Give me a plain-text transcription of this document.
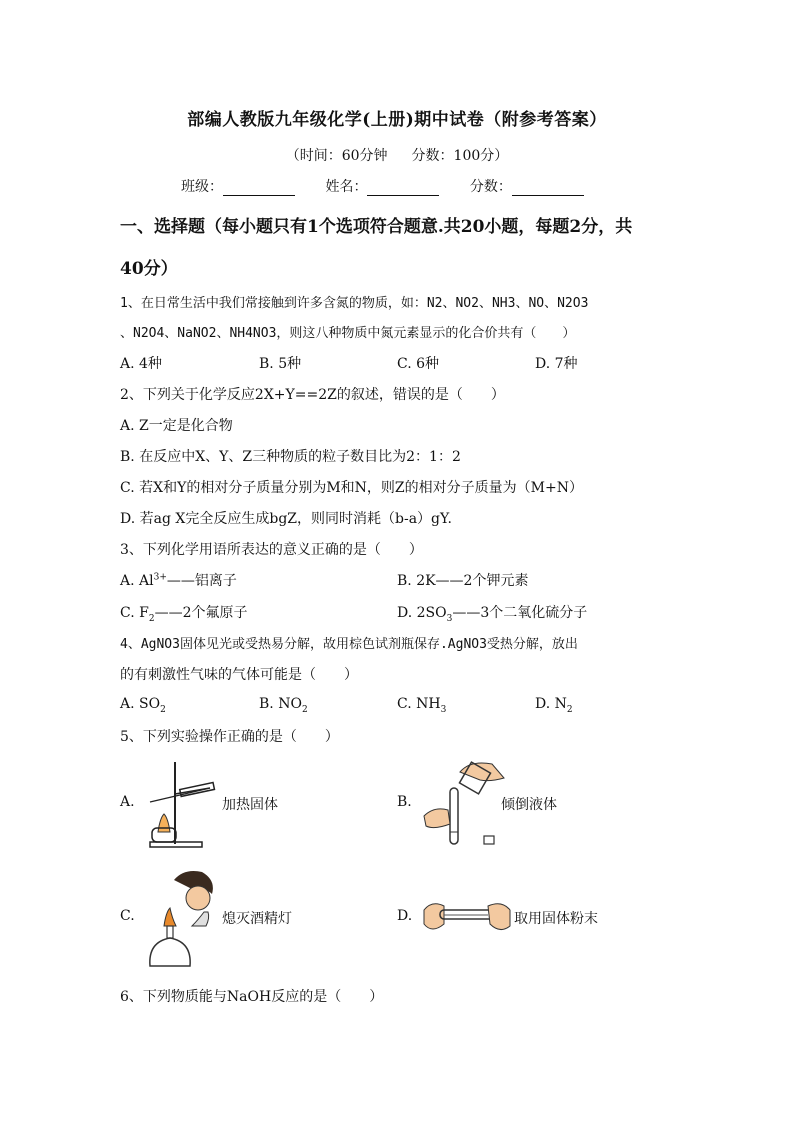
部编人教版九年级化学(上册)期中试卷（附参考答案）
（时间：60分钟 分数：100分）
班级：	姓名：	分数：
一、选择题（每小题只有1个选项符合题意.共20小题，每题2分，共
40分）
1、在日常生活中我们常接触到许多含氮的物质，如：N2、NO2、NH3、NO、N2O3
、N2O4、NaNO2、NH4NO3，则这八种物质中氮元素显示的化合价共有（　　）
A. 4种	B. 5种	C. 6种	D. 7种
2、下列关于化学反应2X+Y==2Z的叙述，错误的是（　　）
A. Z一定是化合物
B. 在反应中X、Y、Z三种物质的粒子数目比为2：1：2
C. 若X和Y的相对分子质量分别为M和N，则Z的相对分子质量为（M+N）
D. 若ag X完全反应生成bgZ，则同时消耗（b-a）gY.
3、下列化学用语所表达的意义正确的是（　　）
A. $Al^{3+}——$铝离子	B. 2K——2个钾元素
C. $F_2——2$个氟原子	D. $2SO_3——3$个二氧化硫分子
4、AgNO3固体见光或受热易分解，故用棕色试剂瓶保存.AgNO3受热分解，放出
的有刺激性气味的气体可能是（　　）
A. $SO_2$	B. $NO_2$	C. $NH_3$	D. $N_2$
5、下列实验操作正确的是（　　）
A.	加热固体	B.	倾倒液体
C.	熄灭酒精灯	D.	取用固体粉末
6、下列物质能与NaOH反应的是（　　）
